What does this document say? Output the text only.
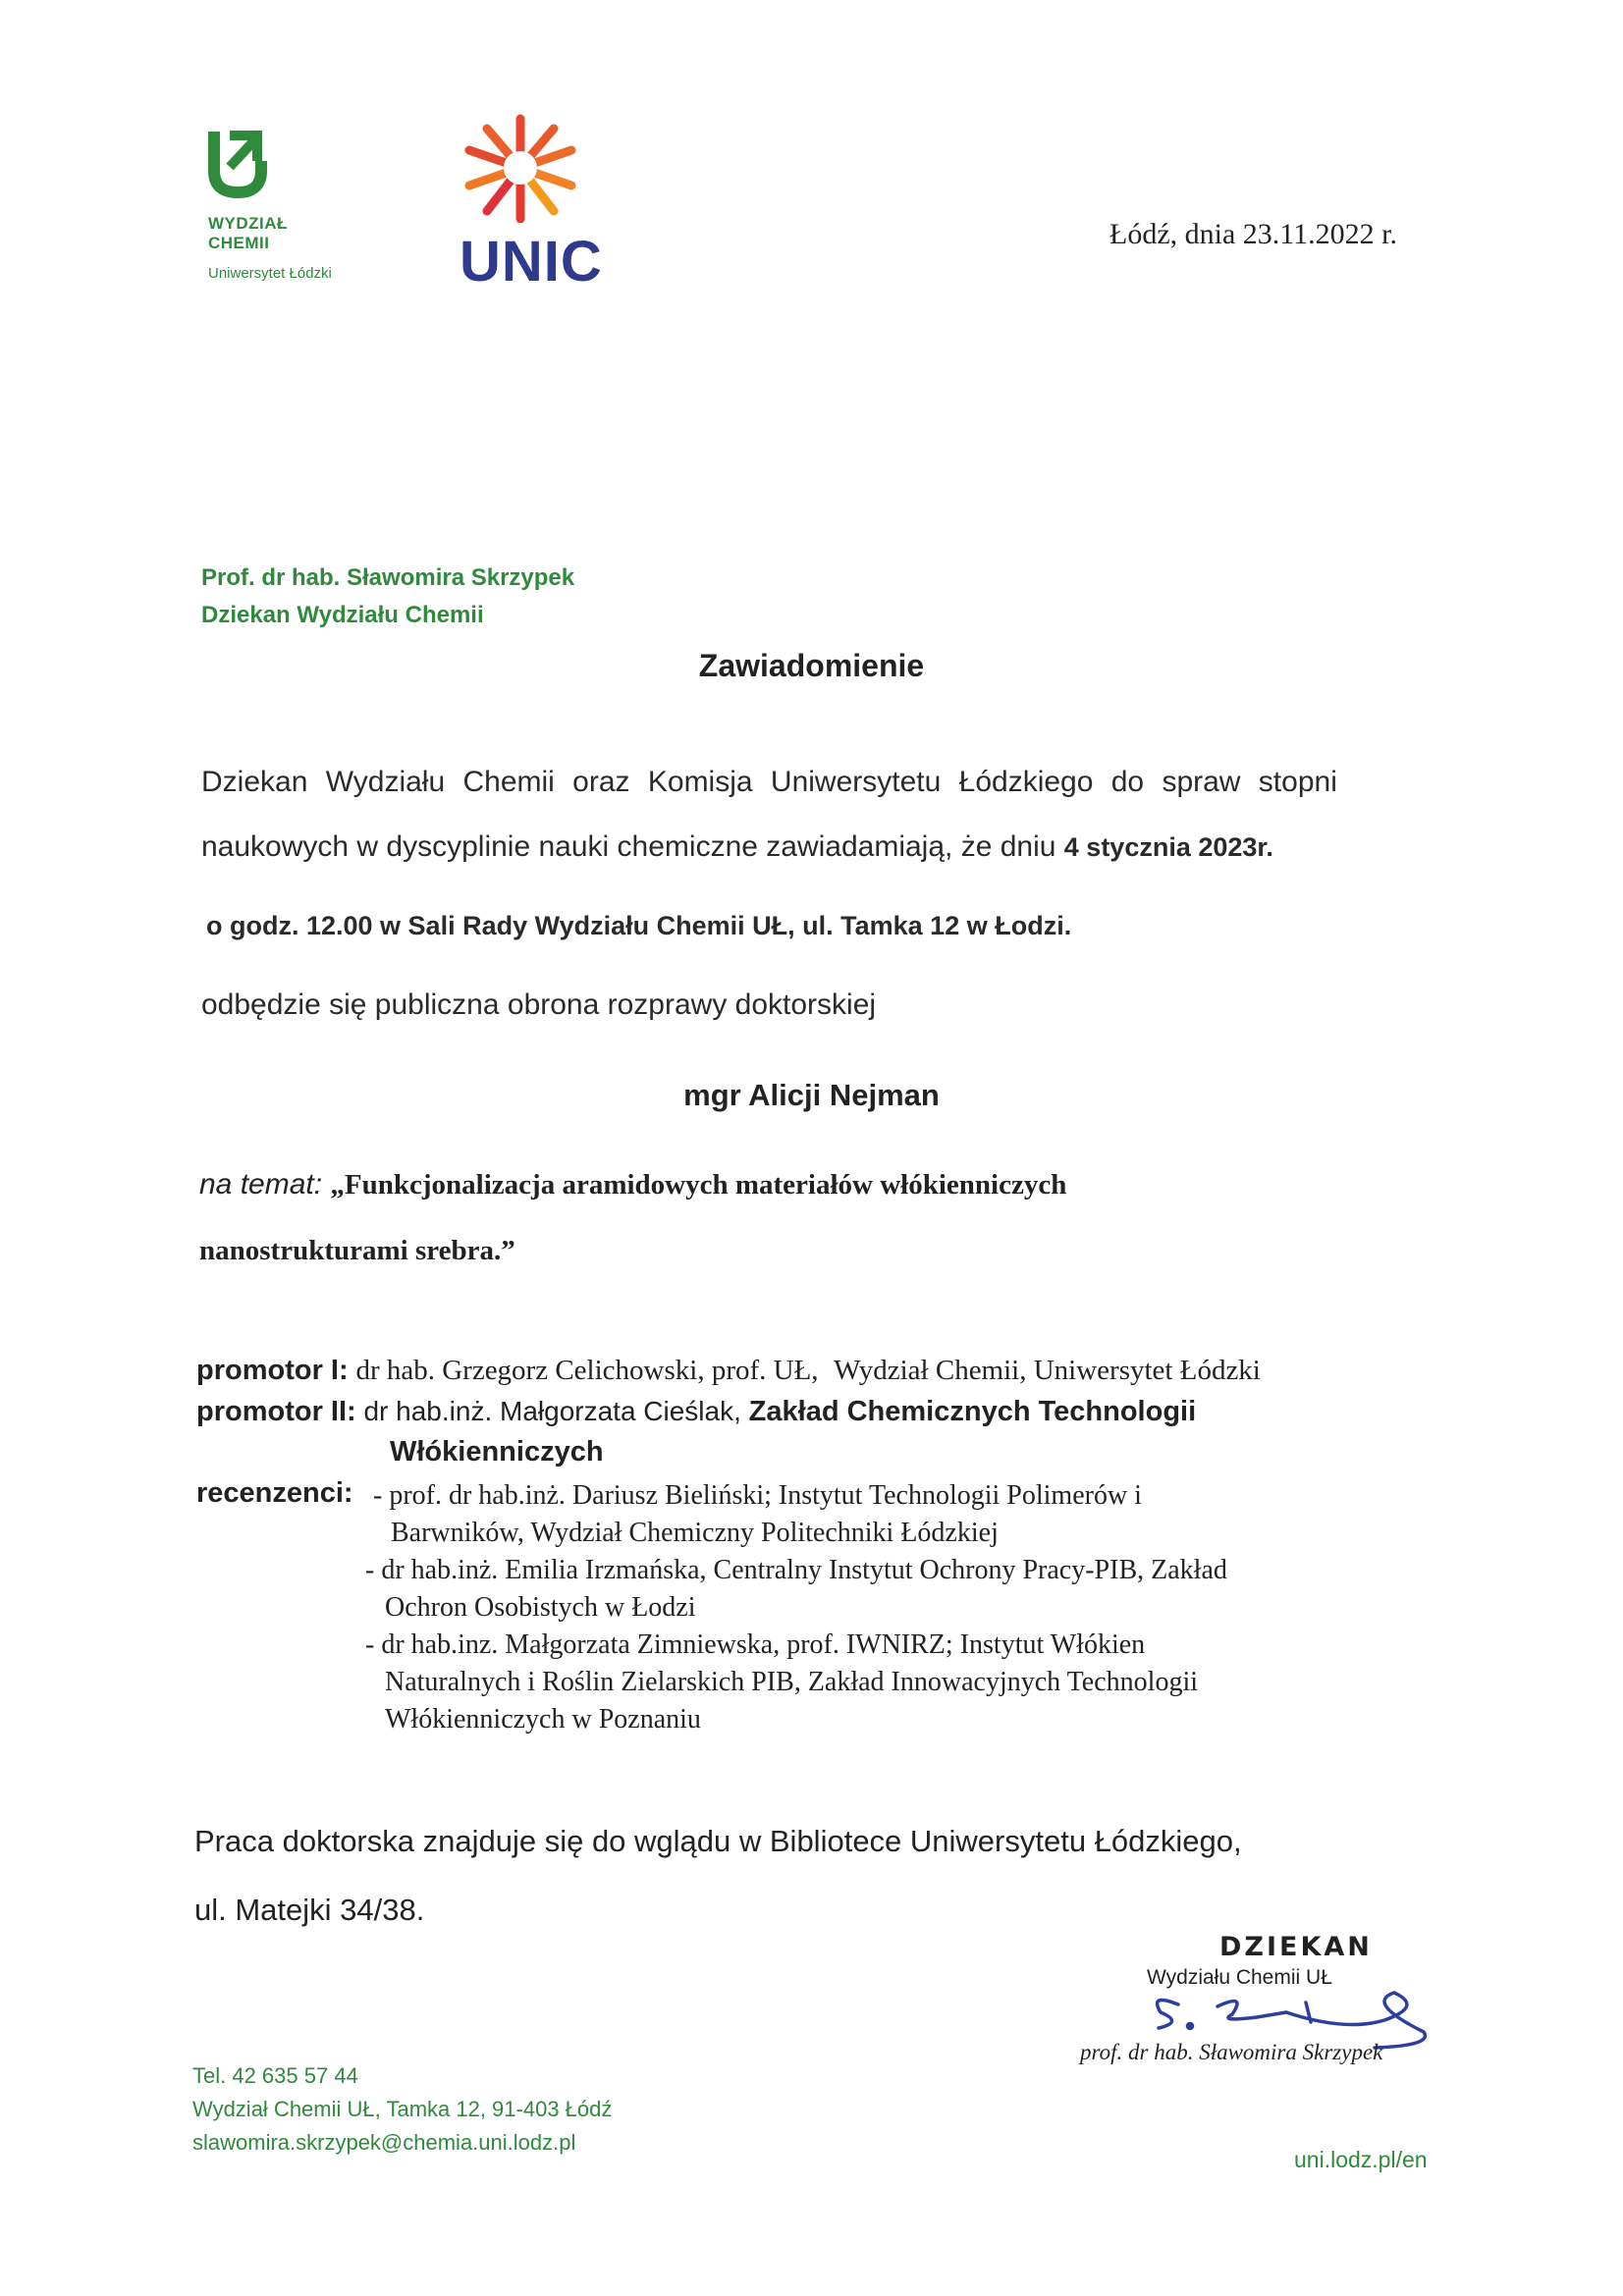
WYDZIAŁ
CHEMII
Uniwersytet Łódzki UNIC	Łódź, dnia 23.11.2022 r.
Prof. dr hab. Sławomira Skrzypek
Dziekan Wydziału Chemii
Zawiadomienie
Dziekan Wydziału Chemii oraz Komisja Uniwersytetu Łódzkiego do spraw stopni
naukowych w dyscyplinie nauki chemiczne zawiadamiają, że dniu 4 stycznia 2023r.
o godz. 12.00 w Sali Rady Wydziału Chemii UŁ, ul. Tamka 12 w Łodzi.
odbędzie się publiczna obrona rozprawy doktorskiej
mgr Alicji Nejman
na temat: „Funkcjonalizacja aramidowych materiałów włókienniczych
nanostrukturami srebra.”
promotor I: dr hab. Grzegorz Celichowski, prof. UŁ, Wydział Chemii, Uniwersytet Łódzki
promotor II: dr hab.inż. Małgorzata Cieślak, Zakład Chemicznych Technologii
Włókienniczych
recenzenci: - prof. dr hab.inż. Dariusz Bieliński; Instytut Technologii Polimerów i
Barwników, Wydział Chemiczny Politechniki Łódzkiej
- dr hab.inż. Emilia Irzmańska, Centralny Instytut Ochrony Pracy-PIB, Zakład
Ochron Osobistych w Łodzi
- dr hab.inz. Małgorzata Zimniewska, prof. IWNIRZ; Instytut Włókien
Naturalnych i Roślin Zielarskich PIB, Zakład Innowacyjnych Technologii
Włókienniczych w Poznaniu
Praca doktorska znajduje się do wglądu w Bibliotece Uniwersytetu Łódzkiego,
ul. Matejki 34/38.
DZIEKAN
Wydziału Chemii UŁ
prof. dr hab. Sławomira Skrzypek
Tel. 42 635 57 44
Wydział Chemii UŁ, Tamka 12, 91-403 Łódź
slawomira.skrzypek@chemia.uni.lodz.pl
uni.lodz.pl/en
